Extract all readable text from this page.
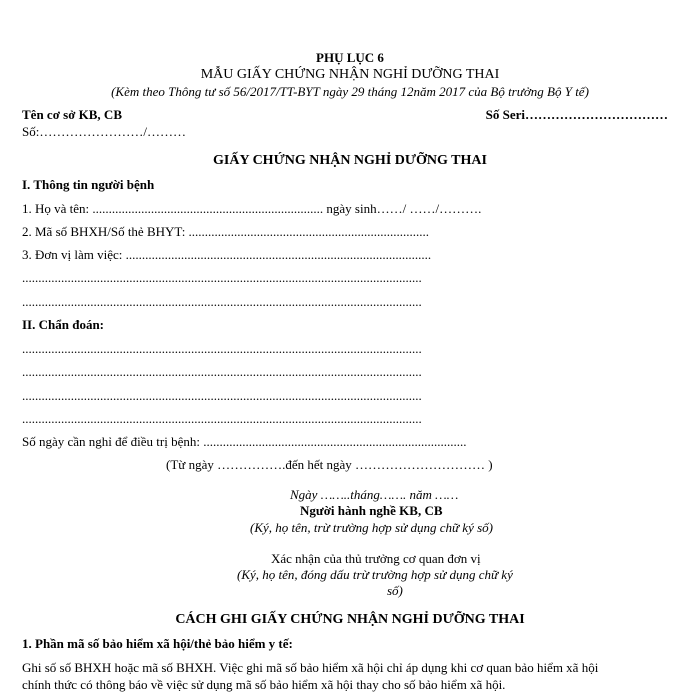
PHỤ LỤC 6
MẪU GIẤY CHỨNG NHẬN NGHỈ DƯỠNG THAI
(Kèm theo Thông tư số 56/2017/TT-BYT ngày 29 tháng 12năm 2017 của Bộ trưởng Bộ Y tế)
Tên cơ sở KB, CB	Số Seri……………………………
Số:……………………/………
GIẤY CHỨNG NHẬN NGHỈ DƯỠNG THAI
I. Thông tin người bệnh
1. Họ và tên: ....................................................................... ngày sinh……/ ……/……….
2. Mã số BHXH/Số thẻ BHYT: ..........................................................................
3. Đơn vị làm việc: ..............................................................................................
...........................................................................................................................
...........................................................................................................................
II. Chẩn đoán:
...........................................................................................................................
...........................................................................................................................
...........................................................................................................................
...........................................................................................................................
Số ngày cần nghỉ để điều trị bệnh: .................................................................................
(Từ ngày …………….đến hết ngày ………………………… )
Ngày ……..tháng……. năm ……
Người hành nghề KB, CB
(Ký, họ tên, trừ trường hợp sử dụng chữ ký số)
Xác nhận của thủ trưởng cơ quan đơn vị
(Ký, họ tên, đóng dấu trừ trường hợp sử dụng chữ ký
số)
CÁCH GHI GIẤY CHỨNG NHẬN NGHỈ DƯỠNG THAI
1. Phần mã số bảo hiểm xã hội/thẻ bảo hiểm y tế:
Ghi số số BHXH hoặc mã số BHXH. Việc ghi mã số bảo hiểm xã hội chỉ áp dụng khi cơ quan bảo hiểm xã hội
chính thức có thông báo về việc sử dụng mã số bảo hiểm xã hội thay cho số bảo hiểm xã hội.
